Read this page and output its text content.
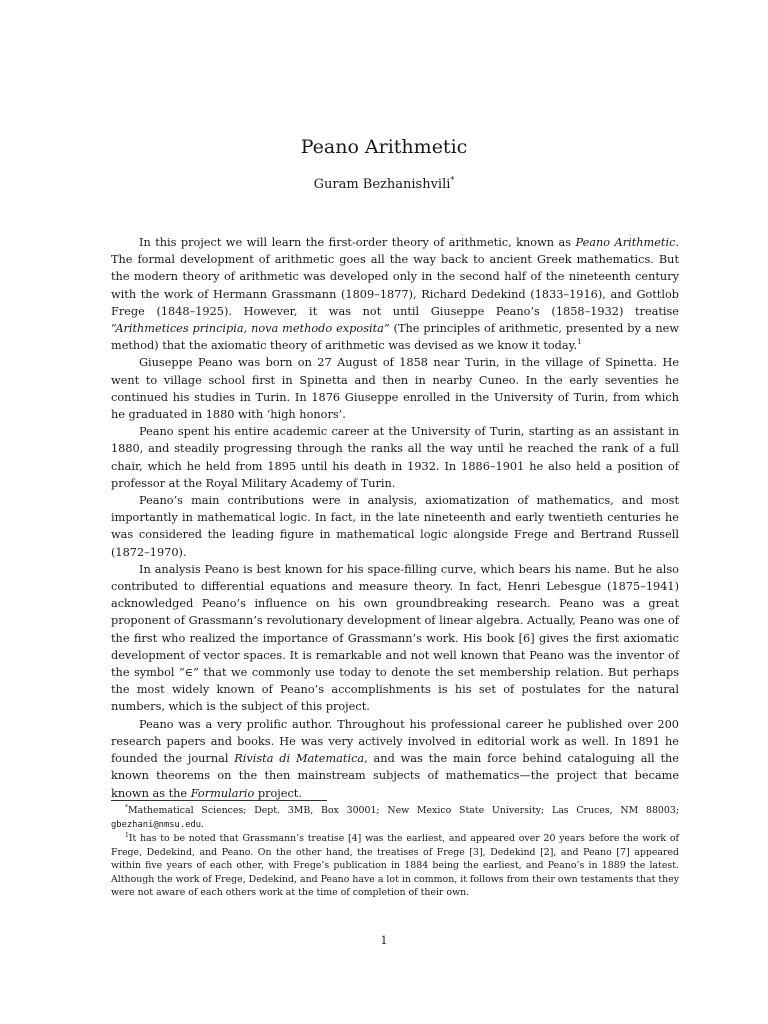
Peano Arithmetic
Guram Bezhanishvili*

In this project we will learn the first-order theory of arithmetic, known as Peano Arithmetic. The formal development of arithmetic goes all the way back to ancient Greek mathematics. But the modern theory of arithmetic was developed only in the second half of the nineteenth century with the work of Hermann Grassmann (1809–1877), Richard Dedekind (1833–1916), and Gottlob Frege (1848–1925). However, it was not until Giuseppe Peano’s (1858–1932) treatise “Arithmetices principia, nova methodo exposita” (The principles of arithmetic, presented by a new method) that the axiomatic theory of arithmetic was devised as we know it today.$^1$

Giuseppe Peano was born on 27 August of 1858 near Turin, in the village of Spinetta. He went to village school first in Spinetta and then in nearby Cuneo. In the early seventies he continued his studies in Turin. In 1876 Giuseppe enrolled in the University of Turin, from which he graduated in 1880 with ‘high honors’.

Peano spent his entire academic career at the University of Turin, starting as an assistant in 1880, and steadily progressing through the ranks all the way until he reached the rank of a full chair, which he held from 1895 until his death in 1932. In 1886–1901 he also held a position of professor at the Royal Military Academy of Turin.

Peano’s main contributions were in analysis, axiomatization of mathematics, and most importantly in mathematical logic. In fact, in the late nineteenth and early twentieth centuries he was considered the leading figure in mathematical logic alongside Frege and Bertrand Russell (1872–1970).

In analysis Peano is best known for his space-filling curve, which bears his name. But he also contributed to differential equations and measure theory. In fact, Henri Lebesgue (1875–1941) acknowledged Peano’s influence on his own groundbreaking research. Peano was a great proponent of Grassmann’s revolutionary development of linear algebra. Actually, Peano was one of the first who realized the importance of Grassmann’s work. His book [6] gives the first axiomatic development of vector spaces. It is remarkable and not well known that Peano was the inventor of the symbol “∈” that we commonly use today to denote the set membership relation. But perhaps the most widely known of Peano’s accomplishments is his set of postulates for the natural numbers, which is the subject of this project.

Peano was a very prolific author. Throughout his professional career he published over 200 research papers and books. He was very actively involved in editorial work as well. In 1891 he founded the journal Rivista di Matematica, and was the main force behind cataloguing all the known theorems on the then mainstream subjects of mathematics—the project that became known as the Formulario project.

*Mathematical Sciences; Dept. 3MB, Box 30001; New Mexico State University; Las Cruces, NM 88003; gbezhani@nmsu.edu.

$^1$It has to be noted that Grassmann’s treatise [4] was the earliest, and appeared over 20 years before the work of Frege, Dedekind, and Peano. On the other hand, the treatises of Frege [3], Dedekind [2], and Peano [7] appeared within five years of each other, with Frege’s publication in 1884 being the earliest, and Peano’s in 1889 the latest. Although the work of Frege, Dedekind, and Peano have a lot in common, it follows from their own testaments that they were not aware of each others work at the time of completion of their own.

1
